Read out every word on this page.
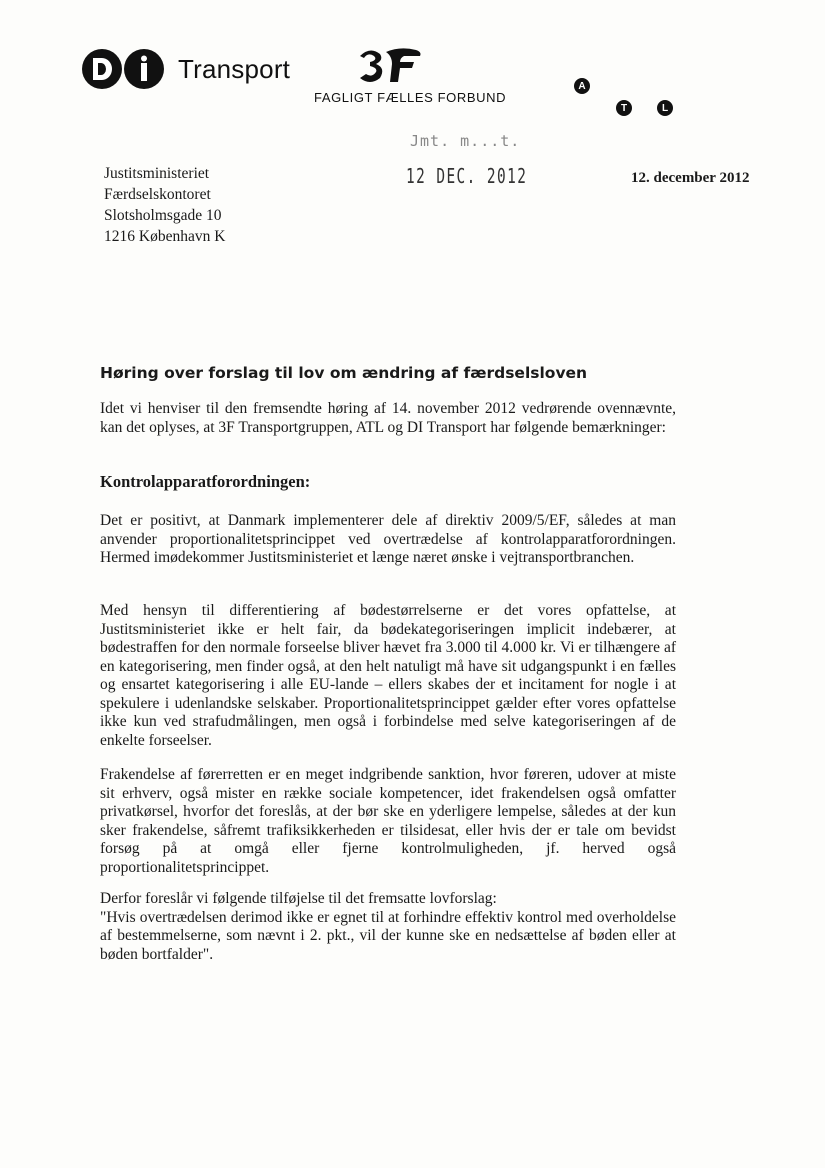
Transport
FAGLIGT FÆLLES FORBUND
A
T	L
Jmt. m...t.
12 DEC. 2012
Justitsministeriet
Færdselskontoret
Slotsholmsgade 10
1216 København K
12. december 2012
Høring over forslag til lov om ændring af færdselsloven

Idet vi henviser til den fremsendte høring af 14. november 2012 vedrørende ovennævnte, kan det oplyses, at 3F Transportgruppen, ATL og DI Transport har følgende bemærkninger:

Kontrolapparatforordningen:

Det er positivt, at Danmark implementerer dele af direktiv 2009/5/EF, således at man anvender proportionalitetsprincippet ved overtrædelse af kontrolapparatforordningen. Hermed imødekommer Justitsministeriet et længe næret ønske i vejtransportbranchen.

Med hensyn til differentiering af bødestørrelserne er det vores opfattelse, at Justitsministeriet ikke er helt fair, da bødekategoriseringen implicit indebærer, at bødestraffen for den normale forseelse bliver hævet fra 3.000 til 4.000 kr. Vi er tilhængere af en kategorisering, men finder også, at den helt natuligt må have sit udgangspunkt i en fælles og ensartet kategorisering i alle EU-lande – ellers skabes der et incitament for nogle i at spekulere i udenlandske selskaber. Proportionalitetsprincippet gælder efter vores opfattelse ikke kun ved strafudmålingen, men også i forbindelse med selve kategoriseringen af de enkelte forseelser.

Frakendelse af førerretten er en meget indgribende sanktion, hvor føreren, udover at miste sit erhverv, også mister en række sociale kompetencer, idet frakendelsen også omfatter privatkørsel, hvorfor det foreslås, at der bør ske en yderligere lempelse, således at der kun sker frakendelse, såfremt trafiksikkerheden er tilsidesat, eller hvis der er tale om bevidst forsøg på at omgå eller fjerne kontrolmuligheden, jf. herved også proportionalitetsprincippet.

Derfor foreslår vi følgende tilføjelse til det fremsatte lovforslag:
"Hvis overtrædelsen derimod ikke er egnet til at forhindre effektiv kontrol med overholdelse af bestemmelserne, som nævnt i 2. pkt., vil der kunne ske en nedsættelse af bøden eller at bøden bortfalder".
